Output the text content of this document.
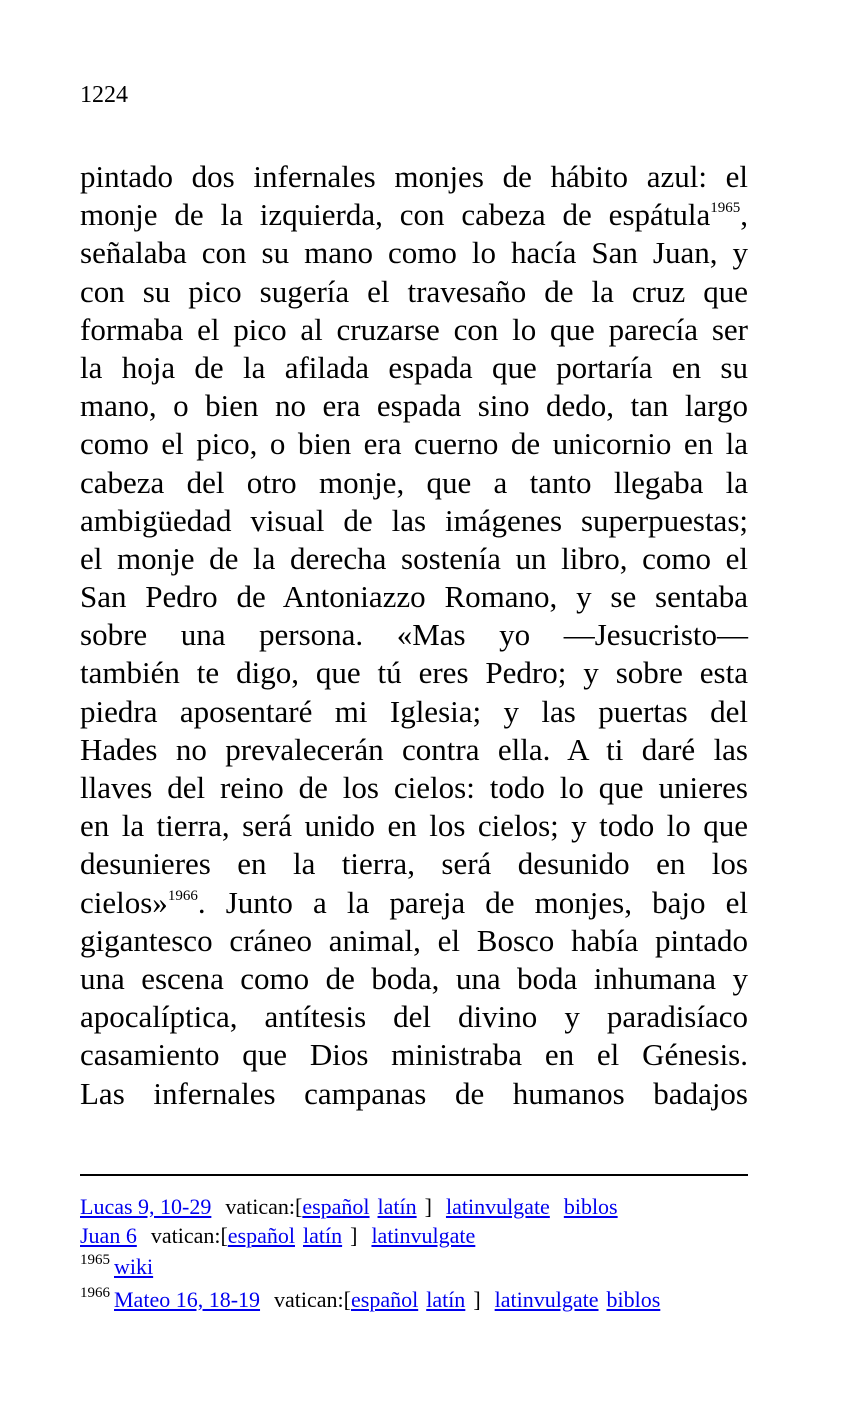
1224
pintado dos infernales monjes de hábito azul: el
monje de la izquierda, con cabeza de espátula$^{1965}$,
señalaba con su mano como lo hacía San Juan, y
con su pico sugería el travesaño de la cruz que
formaba el pico al cruzarse con lo que parecía ser
la hoja de la afilada espada que portaría en su
mano, o bien no era espada sino dedo, tan largo
como el pico, o bien era cuerno de unicornio en la
cabeza del otro monje, que a tanto llegaba la
ambigüedad visual de las imágenes superpuestas;
el monje de la derecha sostenía un libro, como el
San Pedro de Antoniazzo Romano, y se sentaba
sobre una persona. «Mas yo —Jesucristo—
también te digo, que tú eres Pedro; y sobre esta
piedra aposentaré mi Iglesia; y las puertas del
Hades no prevalecerán contra ella. A ti daré las
llaves del reino de los cielos: todo lo que unieres
en la tierra, será unido en los cielos; y todo lo que
desunieres en la tierra, será desunido en los
cielos»$^{1966}$. Junto a la pareja de monjes, bajo el
gigantesco cráneo animal, el Bosco había pintado
una escena como de boda, una boda inhumana y
apocalíptica, antítesis del divino y paradisíaco
casamiento que Dios ministraba en el Génesis.
Las infernales campanas de humanos badajos
Lucas 9, 10-29 vatican:[español latín ] latinvulgate biblos
Juan 6 vatican:[español latín ] latinvulgate
$^{1965}$ wiki
$^{1966}$ Mateo 16, 18-19 vatican:[español latín ] latinvulgate biblos
